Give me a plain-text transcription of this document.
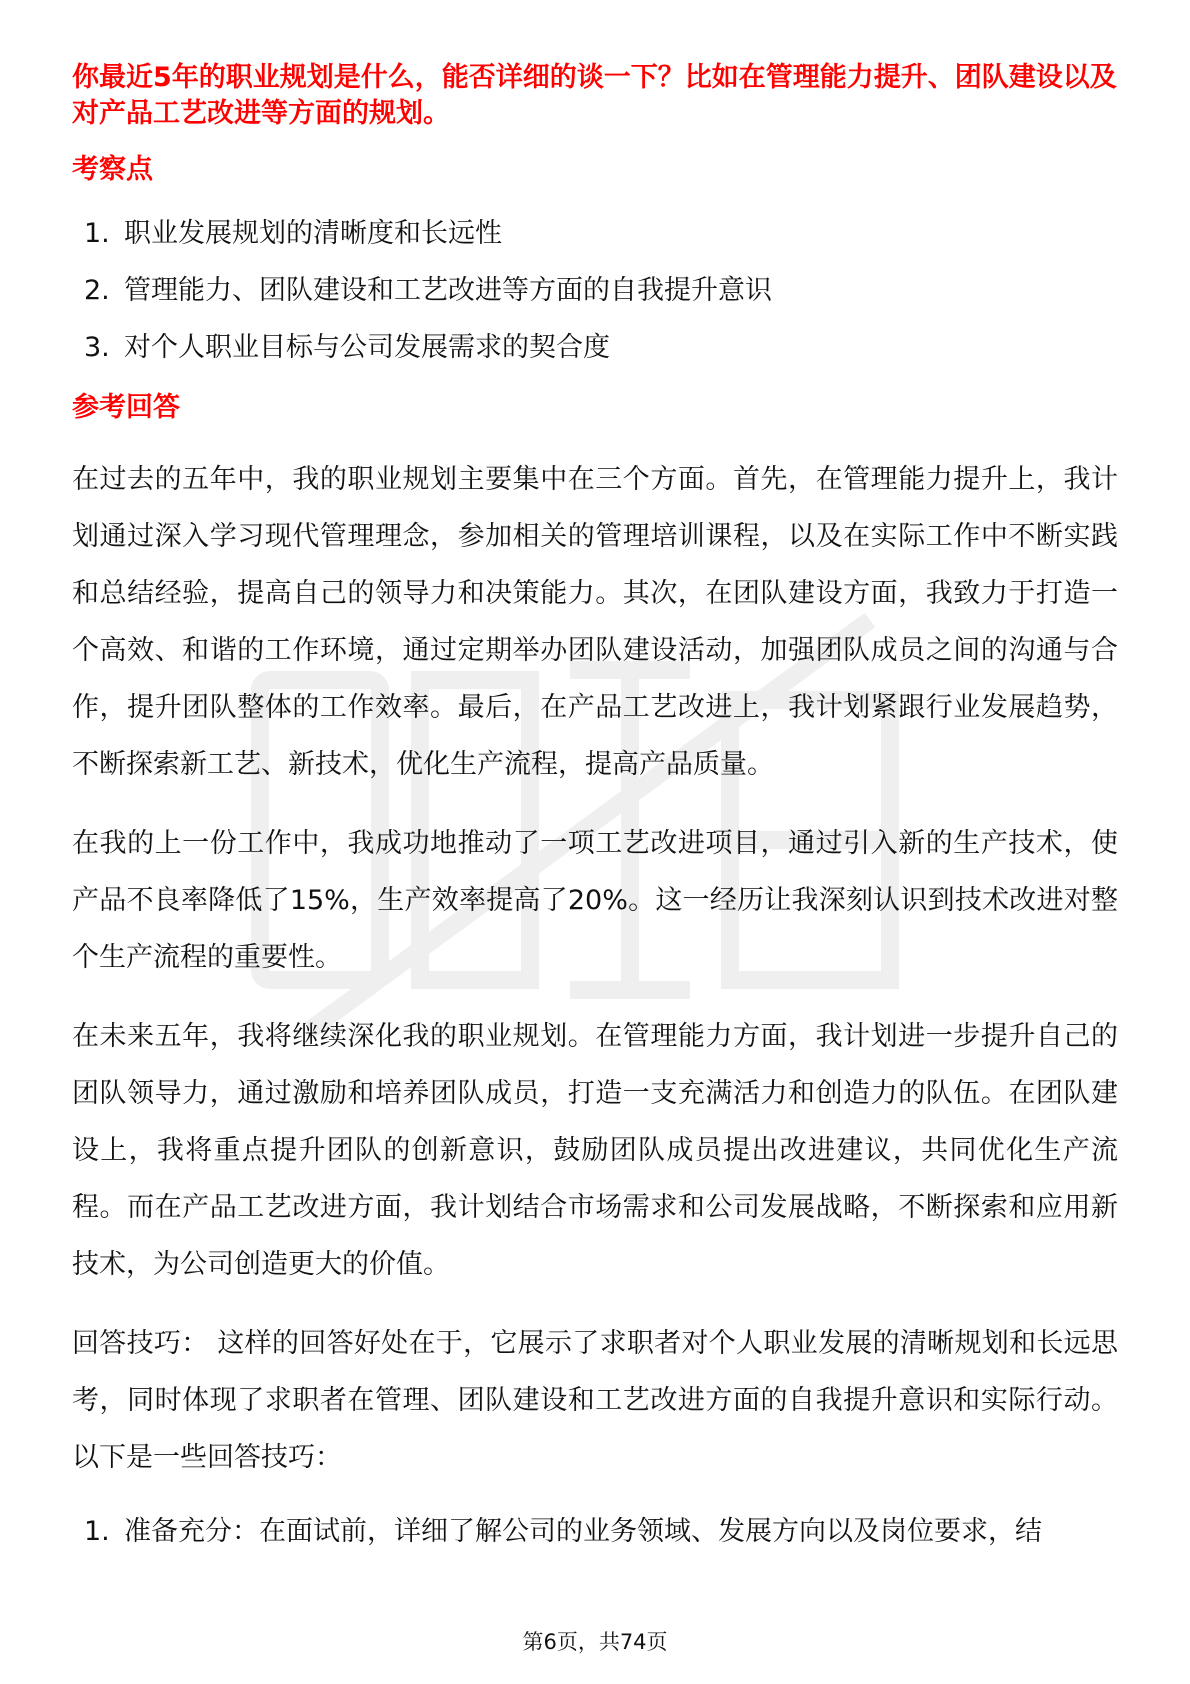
你最近5年的职业规划是什么，能否详细的谈一下？比如在管理能力提升、团队建设以及对产品工艺改进等方面的规划。

考察点

1. 职业发展规划的清晰度和长远性
2. 管理能力、团队建设和工艺改进等方面的自我提升意识
3. 对个人职业目标与公司发展需求的契合度

参考回答

在过去的五年中，我的职业规划主要集中在三个方面。首先，在管理能力提升上，我计划通过深入学习现代管理理念，参加相关的管理培训课程，以及在实际工作中不断实践和总结经验，提高自己的领导力和决策能力。其次，在团队建设方面，我致力于打造一个高效、和谐的工作环境，通过定期举办团队建设活动，加强团队成员之间的沟通与合作，提升团队整体的工作效率。最后，在产品工艺改进上，我计划紧跟行业发展趋势，不断探索新工艺、新技术，优化生产流程，提高产品质量。

在我的上一份工作中，我成功地推动了一项工艺改进项目，通过引入新的生产技术，使产品不良率降低了15%，生产效率提高了20%。这一经历让我深刻认识到技术改进对整个生产流程的重要性。

在未来五年，我将继续深化我的职业规划。在管理能力方面，我计划进一步提升自己的团队领导力，通过激励和培养团队成员，打造一支充满活力和创造力的队伍。在团队建设上，我将重点提升团队的创新意识，鼓励团队成员提出改进建议，共同优化生产流程。而在产品工艺改进方面，我计划结合市场需求和公司发展战略，不断探索和应用新技术，为公司创造更大的价值。

回答技巧： 这样的回答好处在于，它展示了求职者对个人职业发展的清晰规划和长远思考，同时体现了求职者在管理、团队建设和工艺改进方面的自我提升意识和实际行动。以下是一些回答技巧：

1. 准备充分：在面试前，详细了解公司的业务领域、发展方向以及岗位要求，结
第6页，共74页
